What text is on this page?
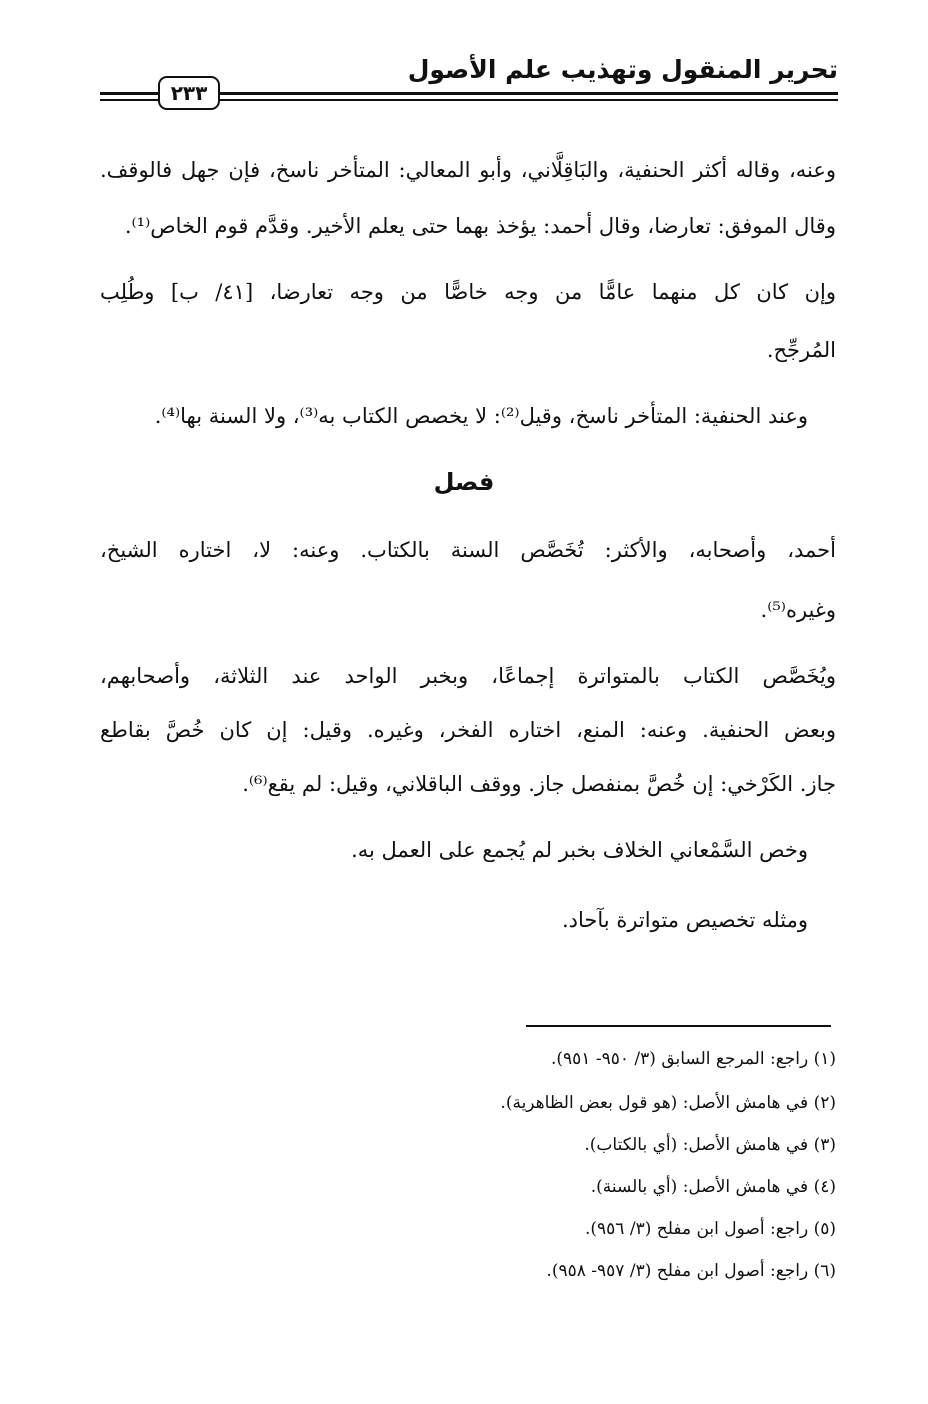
تحرير المنقول وتهذيب علم الأصول
٢٣٣
وعنه، وقاله أكثر الحنفية، والبَاقِلَّاني، وأبو المعالي: المتأخر ناسخ، فإن جهل فالوقف.
وقال الموفق: تعارضا، وقال أحمد: يؤخذ بهما حتى يعلم الأخير. وقدَّم قوم الخاص⁽¹⁾.
وإن كان كل منهما عامًّا من وجه خاصًّا من وجه تعارضا، [٤١/ ب] وطُلِب
المُرجِّح.
وعند الحنفية: المتأخر ناسخ، وقيل⁽²⁾: لا يخصص الكتاب به⁽³⁾، ولا السنة بها⁽⁴⁾.
فصل
أحمد، وأصحابه، والأكثر: تُخَصَّص السنة بالكتاب. وعنه: لا، اختاره الشيخ،
وغيره⁽⁵⁾.
ويُخَصَّص الكتاب بالمتواترة إجماعًا، وبخبر الواحد عند الثلاثة، وأصحابهم،
وبعض الحنفية. وعنه: المنع، اختاره الفخر، وغيره. وقيل: إن كان خُصَّ بقاطع
جاز. الكَرْخي: إن خُصَّ بمنفصل جاز. ووقف الباقلاني، وقيل: لم يقع⁽⁶⁾.
وخص السَّمْعاني الخلاف بخبر لم يُجمع على العمل به.
ومثله تخصيص متواترة بآحاد.
(١) راجع: المرجع السابق (٣/ ٩٥٠- ٩٥١).
(٢) في هامش الأصل: (هو قول بعض الظاهرية).
(٣) في هامش الأصل: (أي بالكتاب).
(٤) في هامش الأصل: (أي بالسنة).
(٥) راجع: أصول ابن مفلح (٣/ ٩٥٦).
(٦) راجع: أصول ابن مفلح (٣/ ٩٥٧- ٩٥٨).
